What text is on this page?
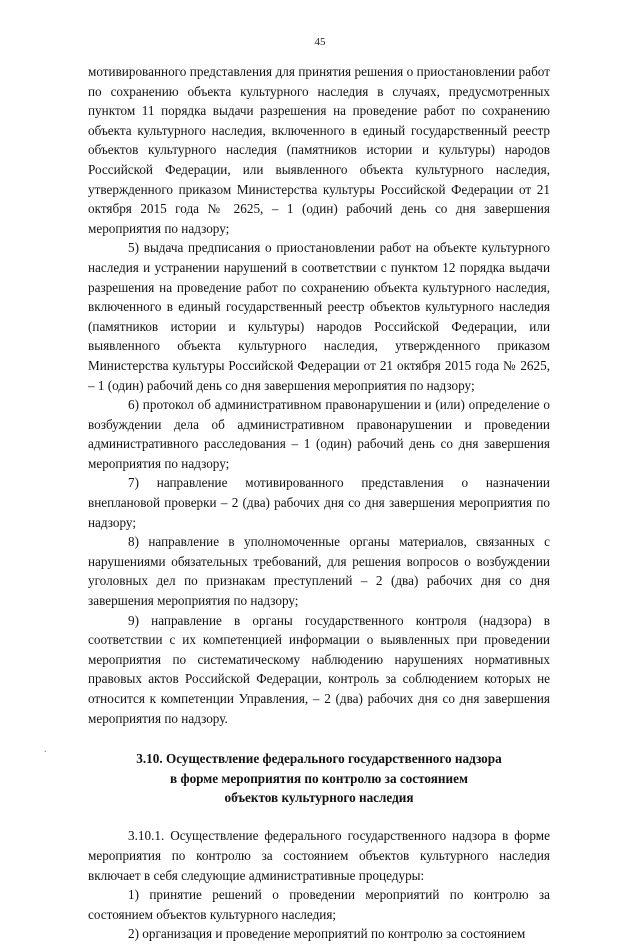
45

мотивированного представления для принятия решения о приостановлении работ по сохранению объекта культурного наследия в случаях, предусмотренных пунктом 11 порядка выдачи разрешения на проведение работ по сохранению объекта культурного наследия, включенного в единый государственный реестр объектов культурного наследия (памятников истории и культуры) народов Российской Федерации, или выявленного объекта культурного наследия, утвержденного приказом Министерства культуры Российской Федерации от 21 октября 2015 года № 2625, – 1 (один) рабочий день со дня завершения мероприятия по надзору;

5) выдача предписания о приостановлении работ на объекте культурного наследия и устранении нарушений в соответствии с пунктом 12 порядка выдачи разрешения на проведение работ по сохранению объекта культурного наследия, включенного в единый государственный реестр объектов культурного наследия (памятников истории и культуры) народов Российской Федерации, или выявленного объекта культурного наследия, утвержденного приказом Министерства культуры Российской Федерации от 21 октября 2015 года № 2625, – 1 (один) рабочий день со дня завершения мероприятия по надзору;

6) протокол об административном правонарушении и (или) определение о возбуждении дела об административном правонарушении и проведении административного расследования – 1 (один) рабочий день со дня завершения мероприятия по надзору;

7) направление мотивированного представления о назначении внеплановой проверки – 2 (два) рабочих дня со дня завершения мероприятия по надзору;

8) направление в уполномоченные органы материалов, связанных с нарушениями обязательных требований, для решения вопросов о возбуждении уголовных дел по признакам преступлений – 2 (два) рабочих дня со дня завершения мероприятия по надзору;

9) направление в органы государственного контроля (надзора) в соответствии с их компетенцией информации о выявленных при проведении мероприятия по систематическому наблюдению нарушениях нормативных правовых актов Российской Федерации, контроль за соблюдением которых не относится к компетенции Управления, – 2 (два) рабочих дня со дня завершения мероприятия по надзору.

3.10. Осуществление федерального государственного надзора
в форме мероприятия по контролю за состоянием
объектов культурного наследия

3.10.1. Осуществление федерального государственного надзора в форме мероприятия по контролю за состоянием объектов культурного наследия включает в себя следующие административные процедуры:

1) принятие решений о проведении мероприятий по контролю за состоянием объектов культурного наследия;

2) организация и проведение мероприятий по контролю за состоянием

.
